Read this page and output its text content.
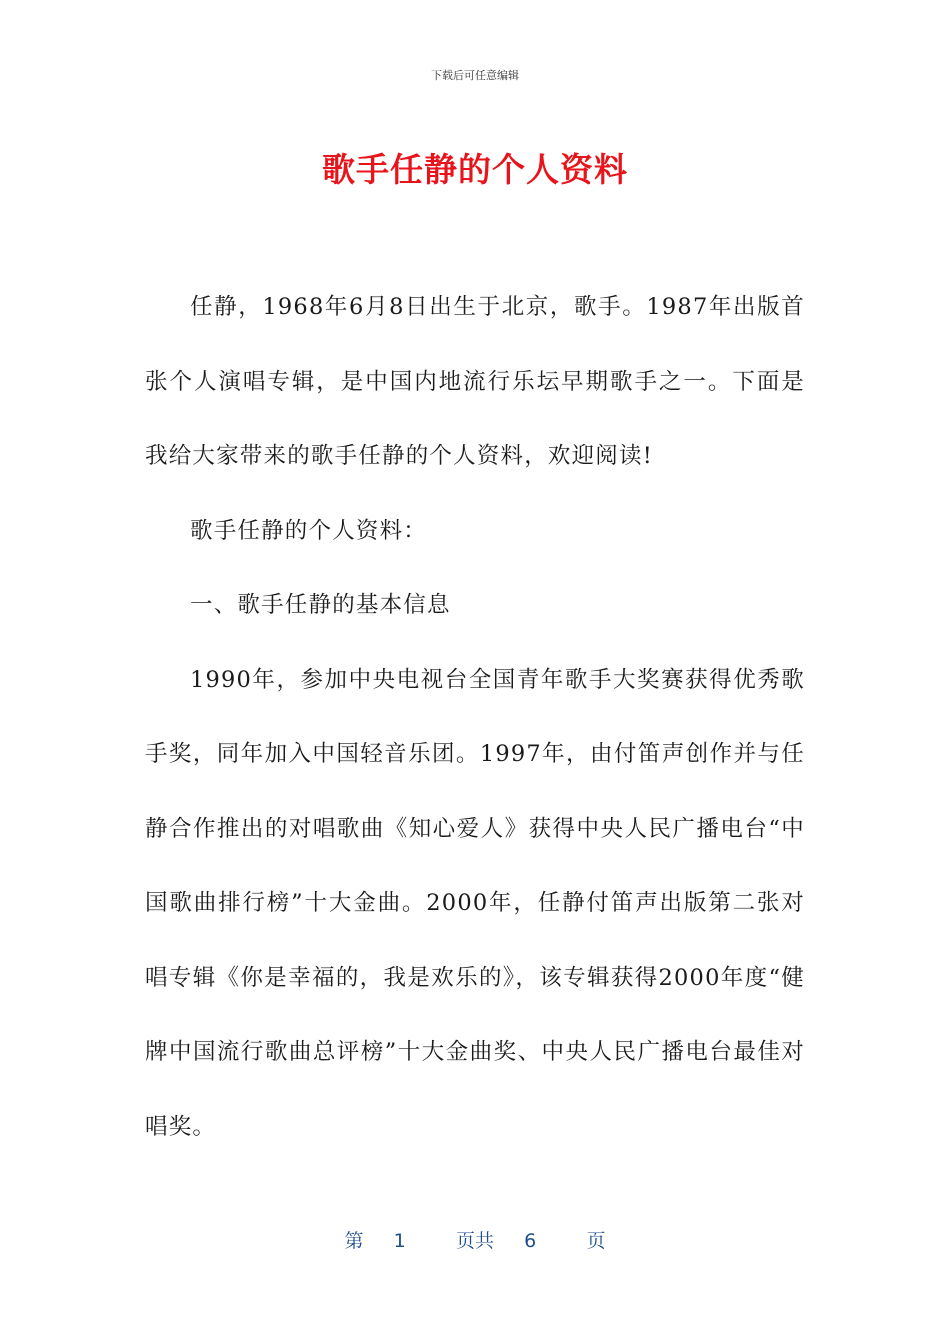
下载后可任意编辑
歌手任静的个人资料

任静，1968年6月8日出生于北京，歌手。1987年出版首张个人演唱专辑，是中国内地流行乐坛早期歌手之一。下面是我给大家带来的歌手任静的个人资料，欢迎阅读!

歌手任静的个人资料：

一、歌手任静的基本信息

1990年，参加中央电视台全国青年歌手大奖赛获得优秀歌手奖，同年加入中国轻音乐团。1997年，由付笛声创作并与任静合作推出的对唱歌曲《知心爱人》获得中央人民广播电台“中国歌曲排行榜”十大金曲。2000年，任静付笛声出版第二张对唱专辑《你是幸福的，我是欢乐的》，该专辑获得2000年度“健牌中国流行歌曲总评榜”十大金曲奖、中央人民广播电台最佳对唱奖。

第 1	页共 6	页
